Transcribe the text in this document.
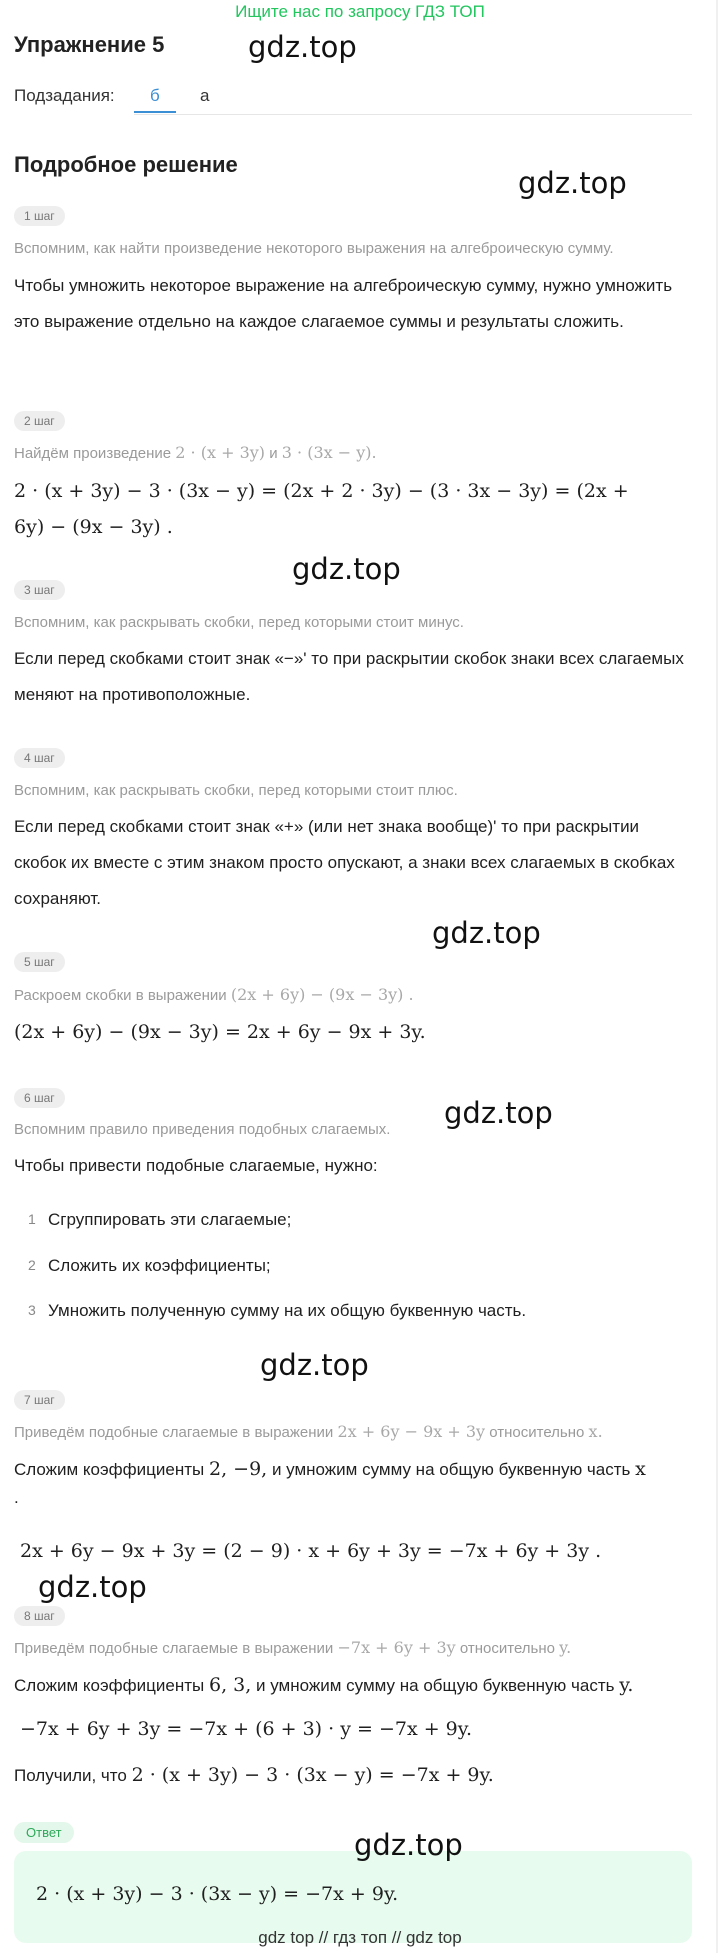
Ищите нас по запросу ГДЗ ТОП
Упражнение 5	gdz.top
Подзадания: б а
Подробное решение
gdz.top
1 шаг
Вспомним, как найти произведение некоторого выражения на алгеброическую сумму.
Чтобы умножить некоторое выражение на алгеброическую сумму, нужно умножить это выражение отдельно на каждое слагаемое суммы и результаты сложить.
2 шаг
Найдём произведение 2 · (x + 3y) и 3 · (3x − y).
2 · (x + 3y) − 3 · (3x − y) = (2x + 2 · 3y) − (3 · 3x − 3y) = (2x +
6y) − (9x − 3y) .
gdz.top
3 шаг
Вспомним, как раскрывать скобки, перед которыми стоит минус.
Если перед скобками стоит знак «−»' то при раскрытии скобок знаки всех слагаемых меняют на противоположные.
4 шаг
Вспомним, как раскрывать скобки, перед которыми стоит плюс.
Если перед скобками стоит знак «+» (или нет знака вообще)' то при раскрытии скобок их вместе с этим знаком просто опускают, а знаки всех слагаемых в скобках сохраняют.
gdz.top
5 шаг
Раскроем скобки в выражении (2x + 6y) − (9x − 3y) .
(2x + 6y) − (9x − 3y) = 2x + 6y − 9x + 3y.
6 шаг
Вспомним правило приведения подобных слагаемых. gdz.top
Чтобы привести подобные слагаемые, нужно:
1 Сгруппировать эти слагаемые;
2 Сложить их коэффициенты;
3 Умножить полученную сумму на их общую буквенную часть.
gdz.top
7 шаг
Приведём подобные слагаемые в выражении 2x + 6y − 9x + 3y относительно x.
Сложим коэффициенты 2, −9, и умножим сумму на общую буквенную часть x
.
2x + 6y − 9x + 3y = (2 − 9) · x + 6y + 3y = −7x + 6y + 3y .
gdz.top
8 шаг
Приведём подобные слагаемые в выражении −7x + 6y + 3y относительно y.
Сложим коэффициенты 6, 3, и умножим сумму на общую буквенную часть y.
−7x + 6y + 3y = −7x + (6 + 3) · y = −7x + 9y.
Получили, что 2 · (x + 3y) − 3 · (3x − y) = −7x + 9y.
Ответ	gdz.top
2 · (x + 3y) − 3 · (3x − y) = −7x + 9y.
gdz top // гдз топ // gdz top
